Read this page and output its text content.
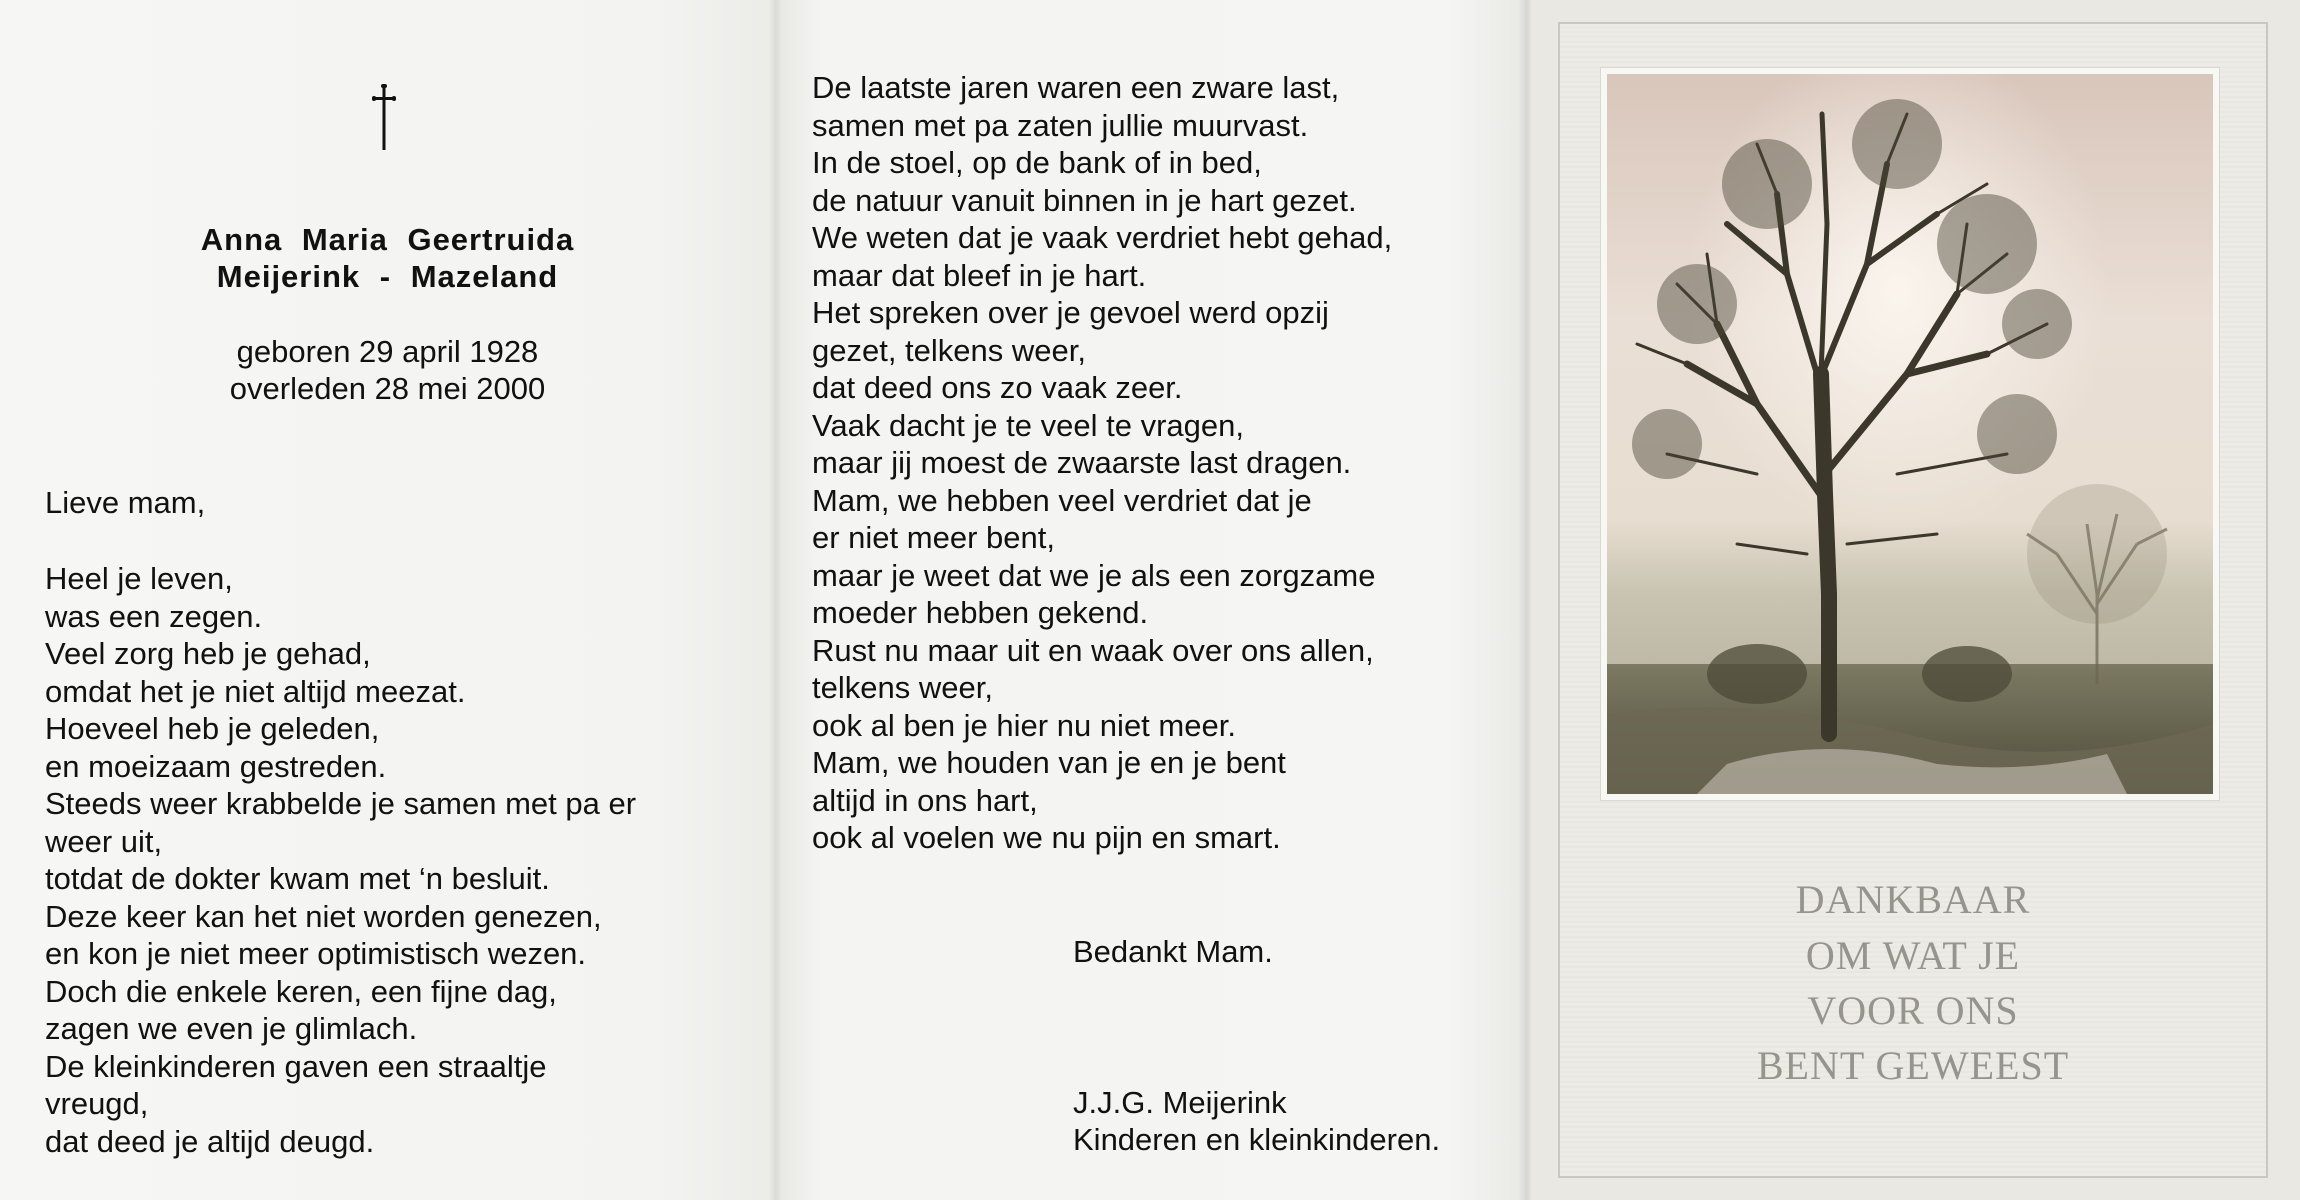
Anna Maria Geertruida
Meijerink - Mazeland
geboren 29 april 1928
overleden 28 mei 2000
Lieve mam,
Heel je leven,
was een zegen.
Veel zorg heb je gehad,
omdat het je niet altijd meezat.
Hoeveel heb je geleden,
en moeizaam gestreden.
Steeds weer krabbelde je samen met pa er
weer uit,
totdat de dokter kwam met ‘n besluit.
Deze keer kan het niet worden genezen,
en kon je niet meer optimistisch wezen.
Doch die enkele keren, een fijne dag,
zagen we even je glimlach.
De kleinkinderen gaven een straaltje
vreugd,
dat deed je altijd deugd.
De laatste jaren waren een zware last,
samen met pa zaten jullie muurvast.
In de stoel, op de bank of in bed,
de natuur vanuit binnen in je hart gezet.
We weten dat je vaak verdriet hebt gehad,
maar dat bleef in je hart.
Het spreken over je gevoel werd opzij
gezet, telkens weer,
dat deed ons zo vaak zeer.
Vaak dacht je te veel te vragen,
maar jij moest de zwaarste last dragen.
Mam, we hebben veel verdriet dat je
er niet meer bent,
maar je weet dat we je als een zorgzame
moeder hebben gekend.
Rust nu maar uit en waak over ons allen,
telkens weer,
ook al ben je hier nu niet meer.
Mam, we houden van je en je bent
altijd in ons hart,
ook al voelen we nu pijn en smart.
Bedankt Mam.
J.J.G. Meijerink
Kinderen en kleinkinderen.
DANKBAAR
OM WAT JE
VOOR ONS
BENT GEWEEST
